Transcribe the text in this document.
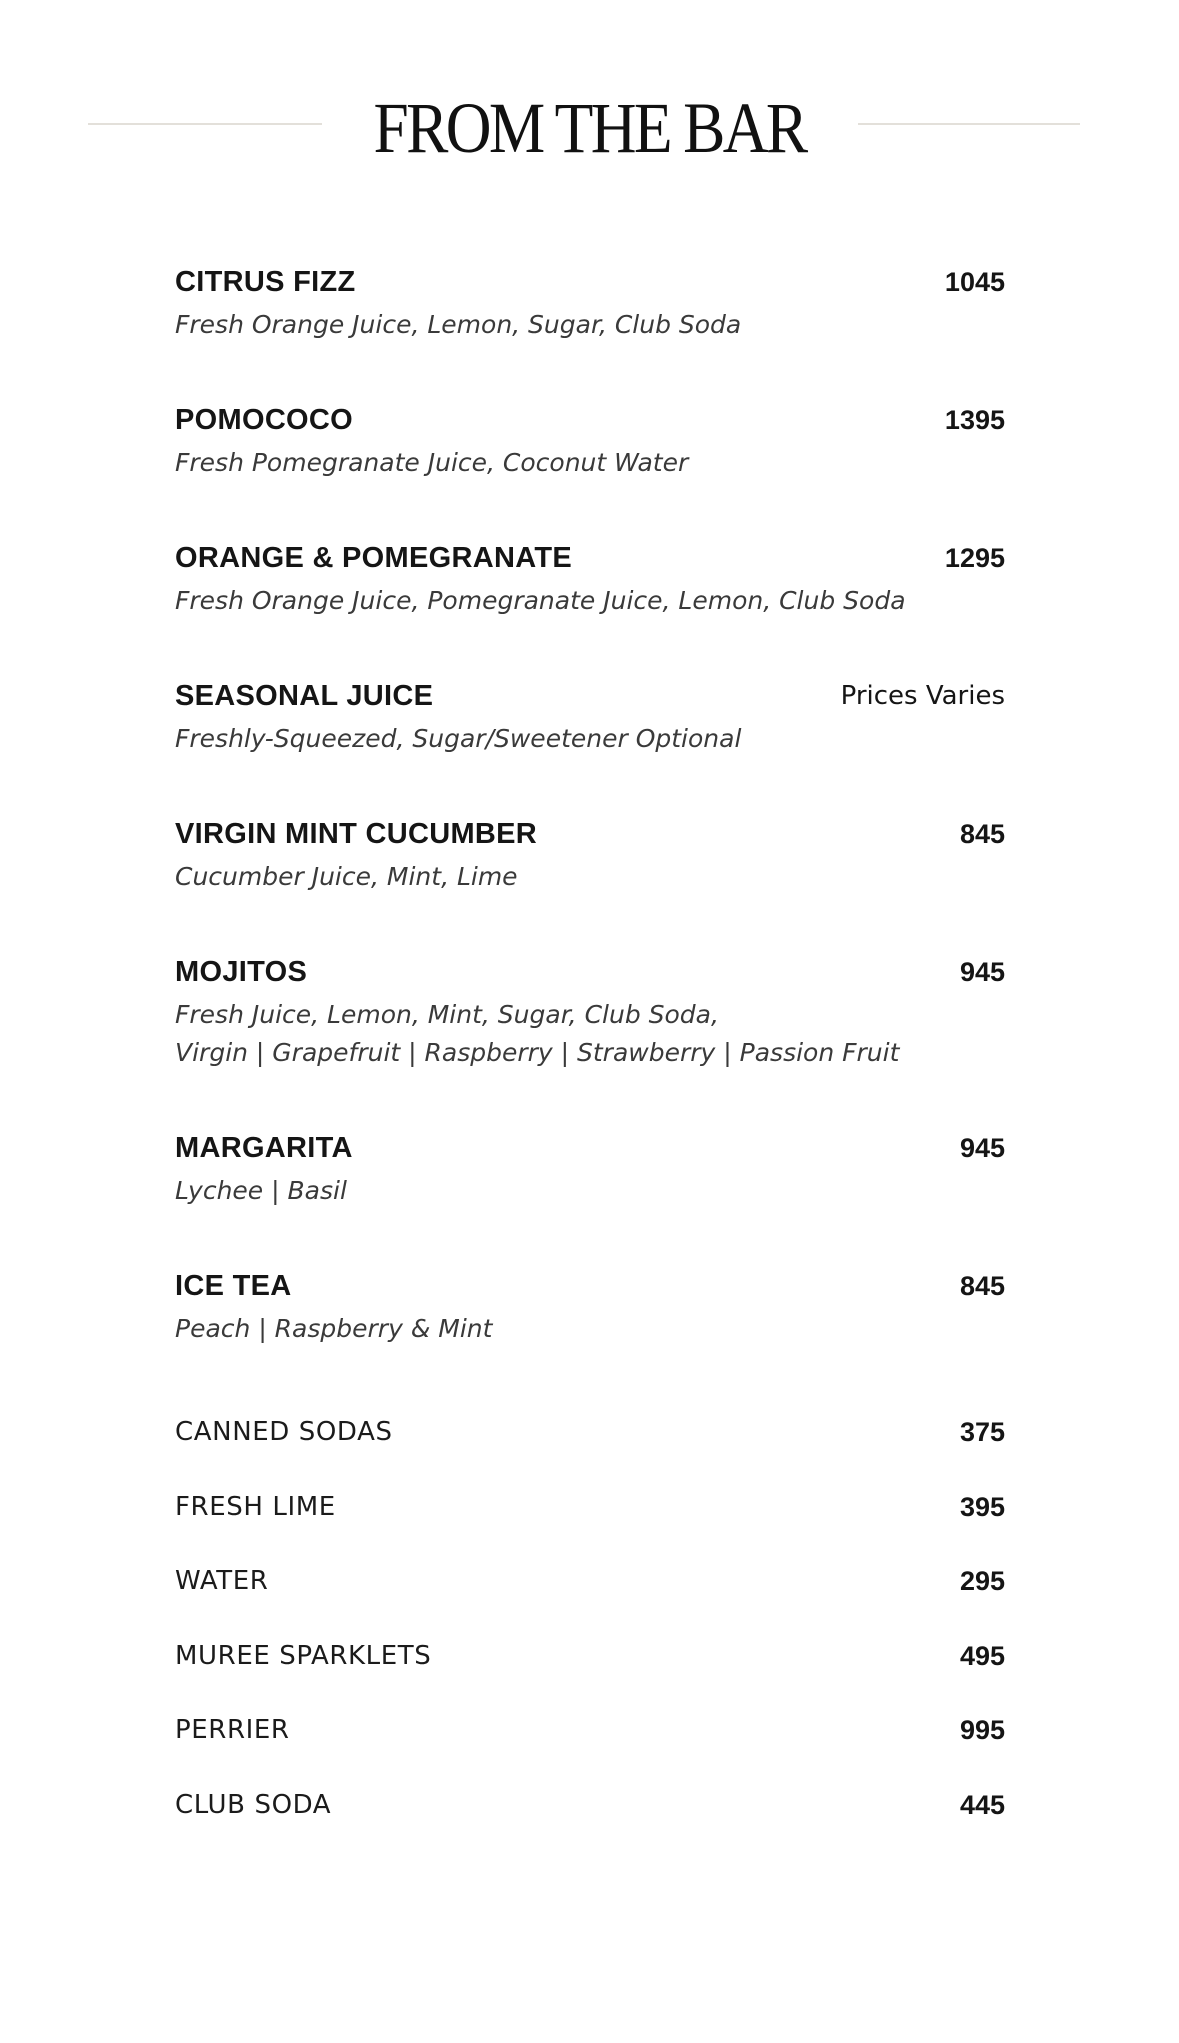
FROM THE BAR
CITRUS FIZZ	1045
Fresh Orange Juice, Lemon, Sugar, Club Soda
POMOCOCO	1395
Fresh Pomegranate Juice, Coconut Water
ORANGE & POMEGRANATE	1295
Fresh Orange Juice, Pomegranate Juice, Lemon, Club Soda
SEASONAL JUICE	Prices Varies
Freshly-Squeezed, Sugar/Sweetener Optional
VIRGIN MINT CUCUMBER	845
Cucumber Juice, Mint, Lime
MOJITOS	945
Fresh Juice, Lemon, Mint, Sugar, Club Soda,
Virgin | Grapefruit | Raspberry | Strawberry | Passion Fruit
MARGARITA	945
Lychee | Basil
ICE TEA	845
Peach | Raspberry & Mint
CANNED SODAS	375
FRESH LIME	395
WATER	295
MUREE SPARKLETS	495
PERRIER	995
CLUB SODA	445
